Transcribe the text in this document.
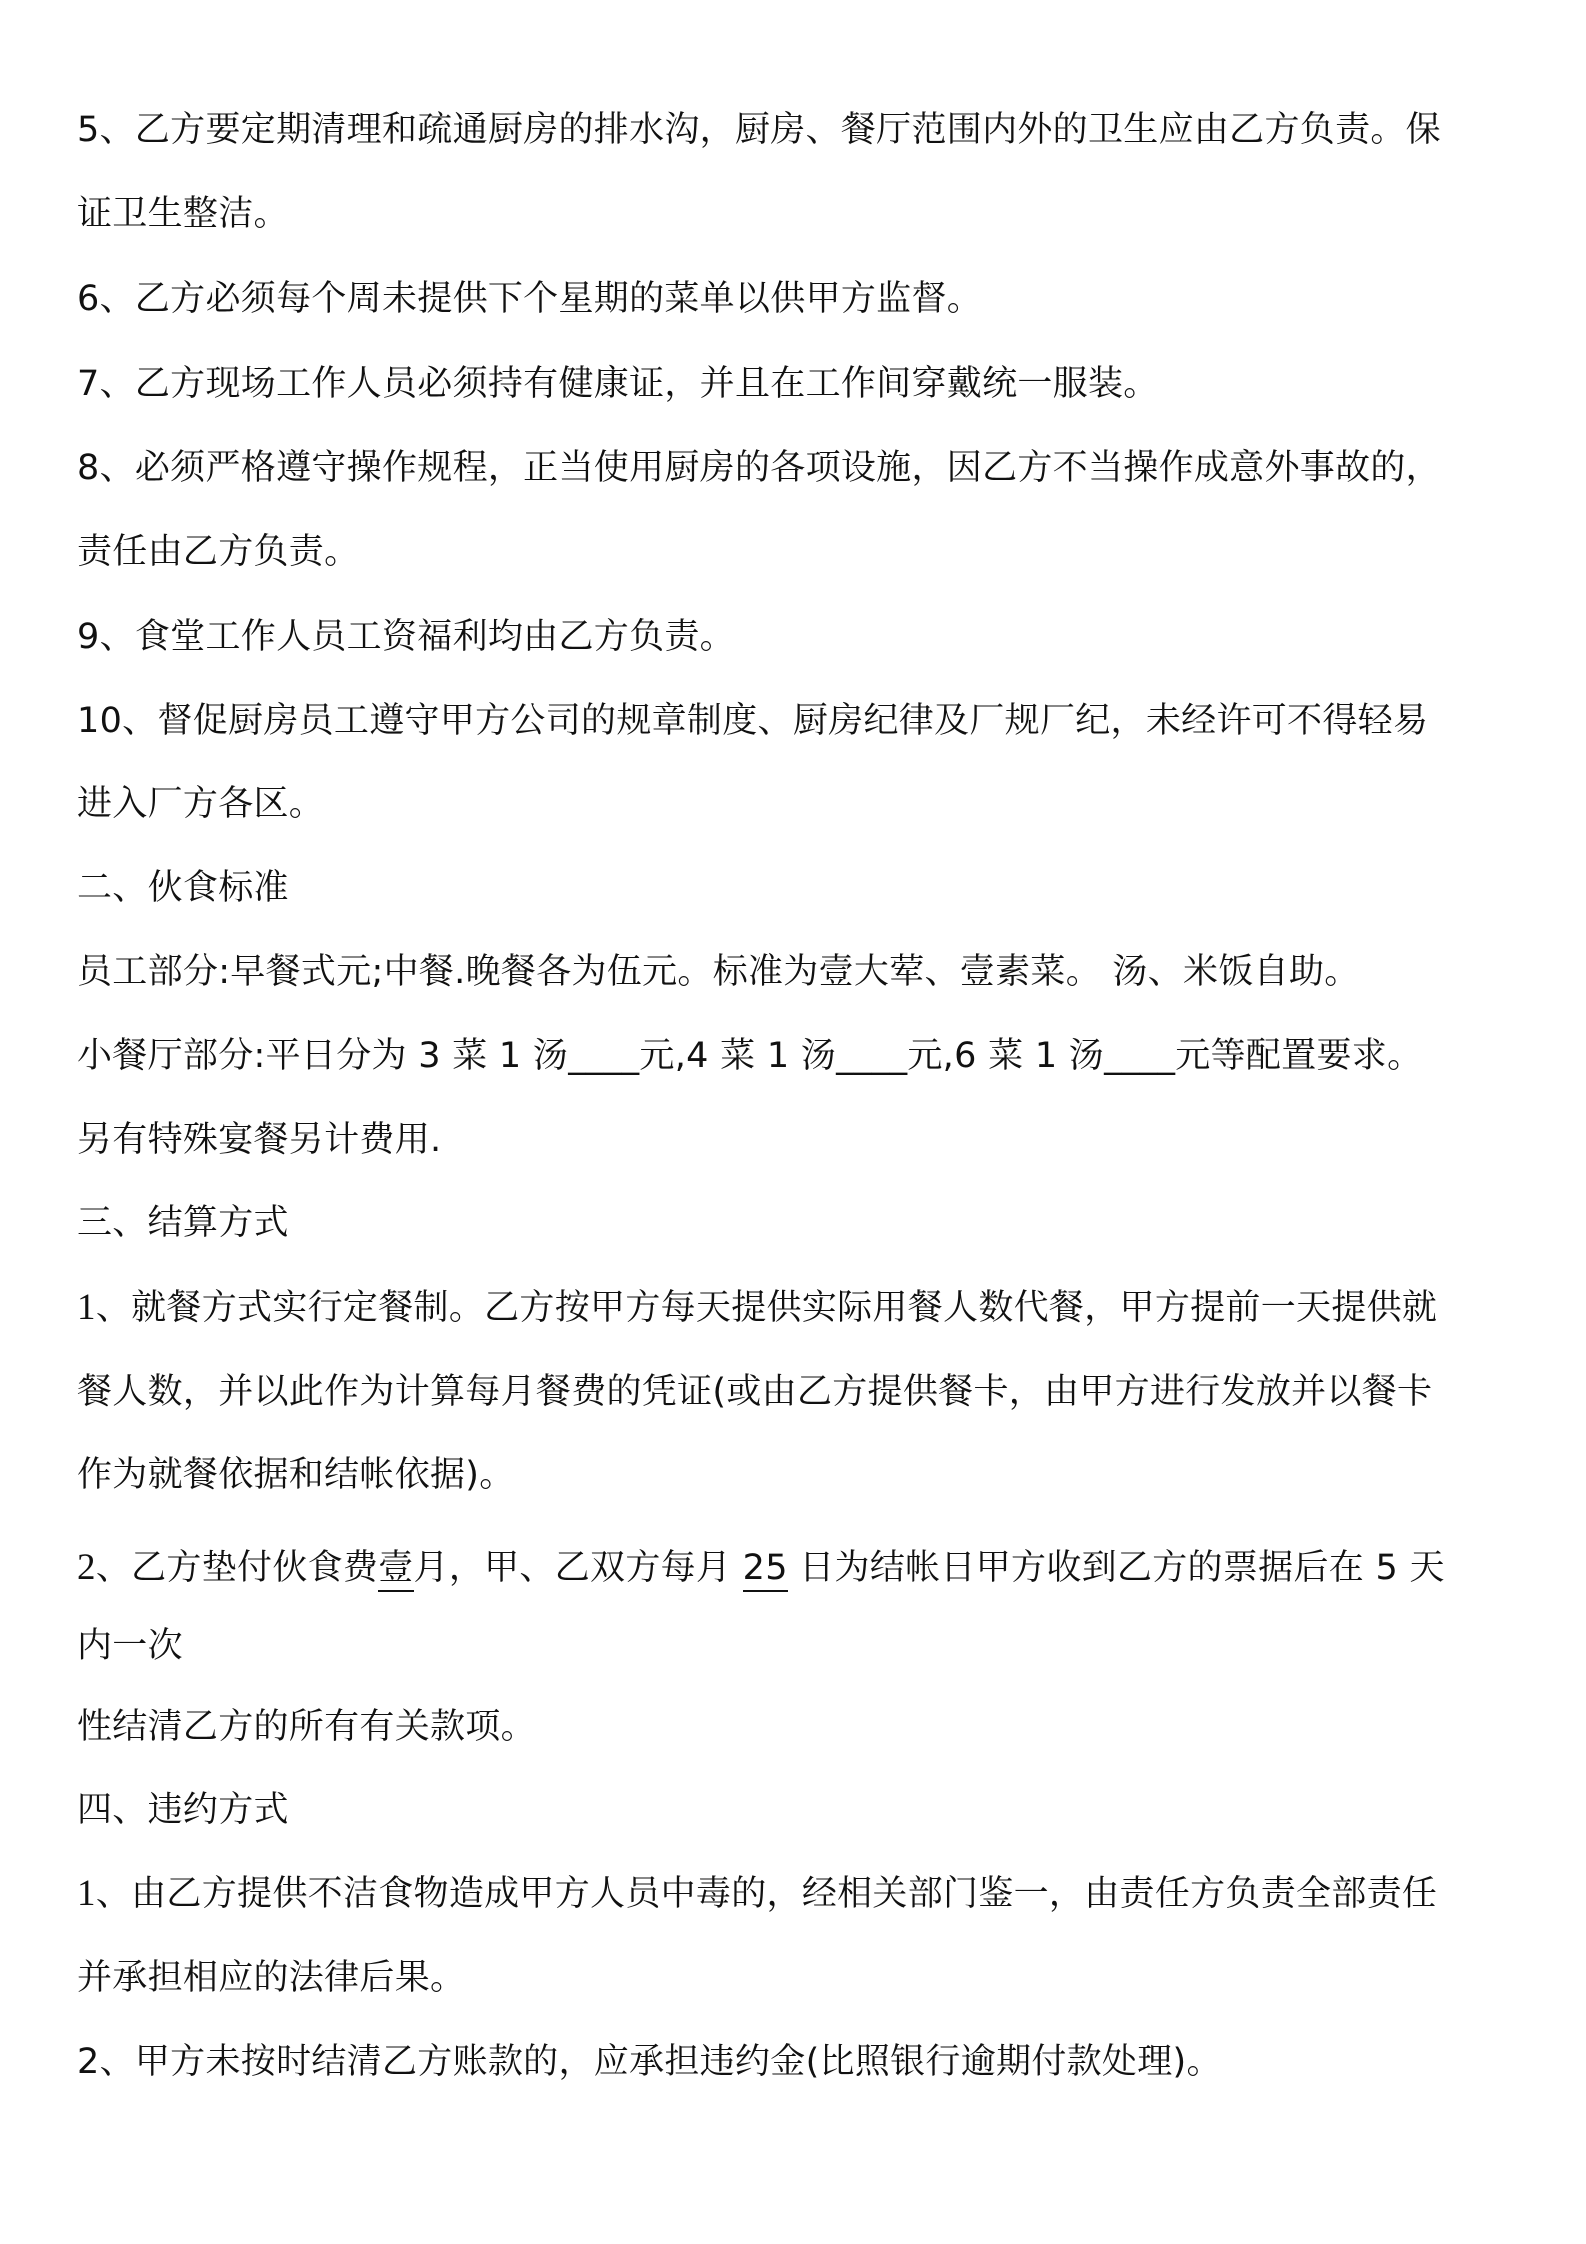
5、乙方要定期清理和疏通厨房的排水沟，厨房、餐厅范围内外的卫生应由乙方负责。保
证卫生整洁。
6、乙方必须每个周未提供下个星期的菜单以供甲方监督。
7、乙方现场工作人员必须持有健康证，并且在工作间穿戴统一服装。
8、必须严格遵守操作规程，正当使用厨房的各项设施，因乙方不当操作成意外事故的，
责任由乙方负责。
9、食堂工作人员工资福利均由乙方负责。
10、督促厨房员工遵守甲方公司的规章制度、厨房纪律及厂规厂纪，未经许可不得轻易
进入厂方各区。
二、伙食标准
员工部分:早餐式元;中餐.晚餐各为伍元。标准为壹大荤、壹素菜。 汤、米饭自助。
小餐厅部分:平日分为 3 菜 1 汤____元,4 菜 1 汤____元,6 菜 1 汤____元等配置要求。
另有特殊宴餐另计费用.
三、结算方式
1、就餐方式实行定餐制。乙方按甲方每天提供实际用餐人数代餐，甲方提前一天提供就
餐人数，并以此作为计算每月餐费的凭证(或由乙方提供餐卡，由甲方进行发放并以餐卡
作为就餐依据和结帐依据)。
2、乙方垫付伙食费壹月，甲、乙双方每月 25 日为结帐日甲方收到乙方的票据后在 5 天
内一次
性结清乙方的所有有关款项。
四、违约方式
1、由乙方提供不洁食物造成甲方人员中毒的，经相关部门鉴一，由责任方负责全部责任
并承担相应的法律后果。
2、甲方未按时结清乙方账款的，应承担违约金(比照银行逾期付款处理)。
